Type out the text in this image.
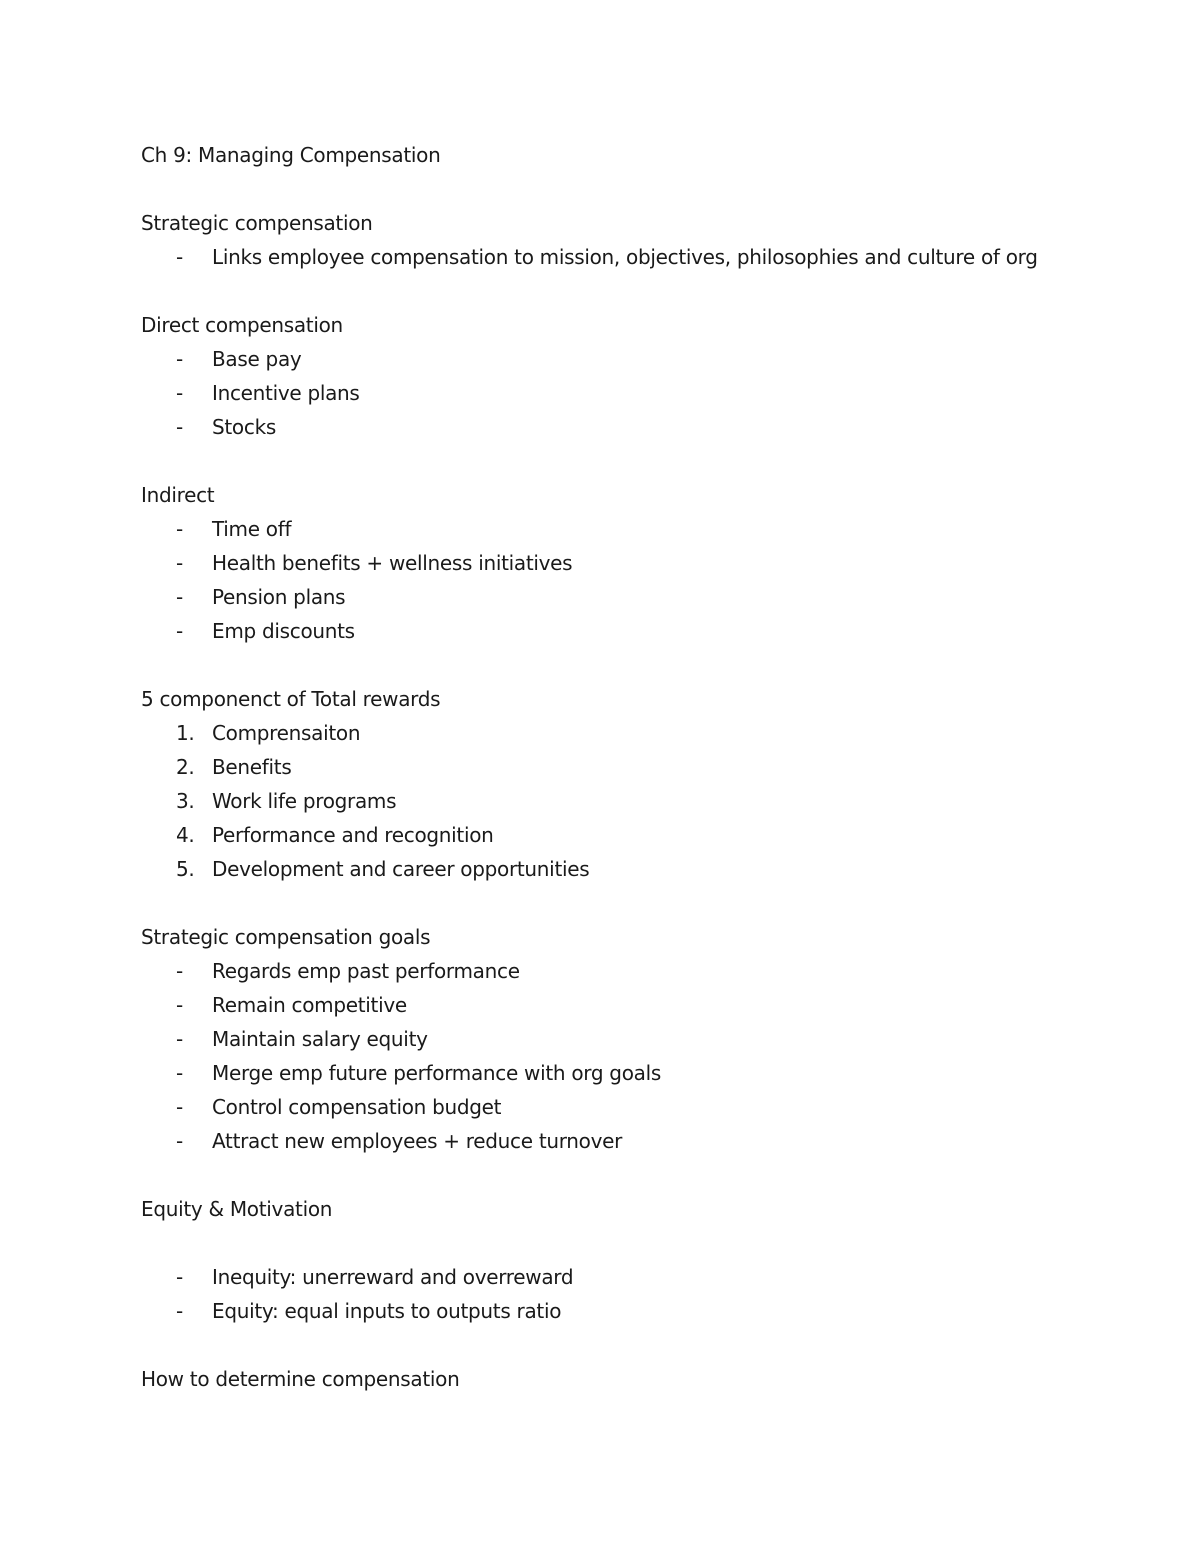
Ch 9: Managing Compensation
Strategic compensation
- Links employee compensation to mission, objectives, philosophies and culture of org
Direct compensation
- Base pay
- Incentive plans
- Stocks
Indirect
- Time off
- Health benefits + wellness initiatives
- Pension plans
- Emp discounts
5 componenct of Total rewards
1. Comprensaiton
2. Benefits
3. Work life programs
4. Performance and recognition
5. Development and career opportunities
Strategic compensation goals
- Regards emp past performance
- Remain competitive
- Maintain salary equity
- Merge emp future performance with org goals
- Control compensation budget
- Attract new employees + reduce turnover
Equity & Motivation
- Inequity: unerreward and overreward
- Equity: equal inputs to outputs ratio
How to determine compensation
